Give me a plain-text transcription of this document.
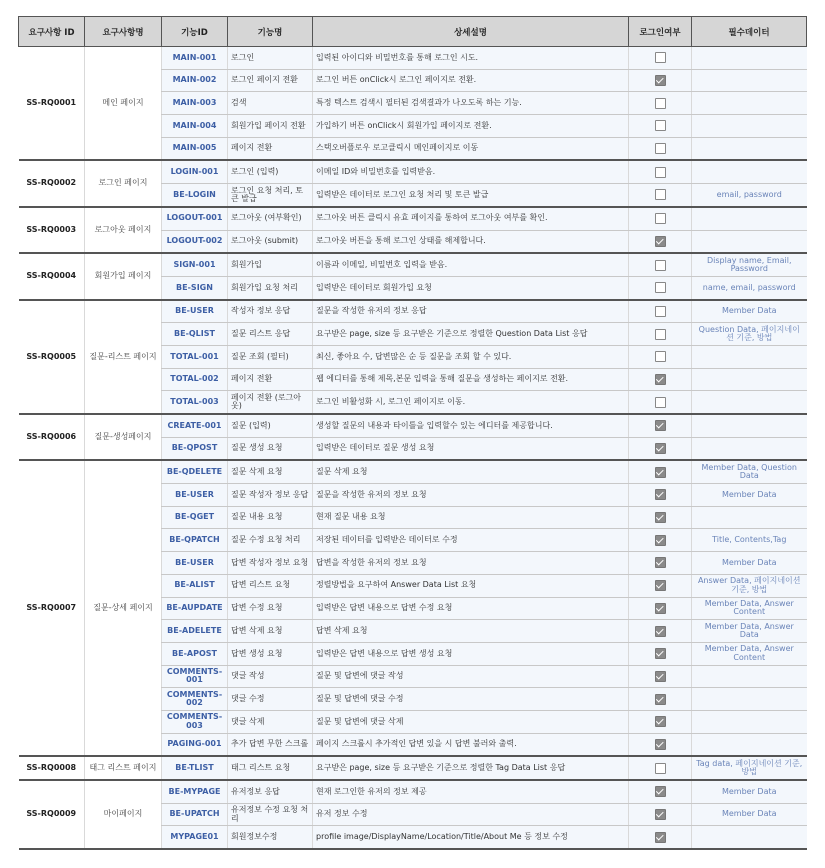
요구사항 ID	요구사항명	기능ID	기능명	상세설명	로그인여부	필수데이터
SS-RQ0001	메인 페이지	MAIN-001	로그인	입력된 아이디와 비밀번호를 통해 로그인 시도.		
		MAIN-002	로그인 페이지 전환	로그인 버튼 onClick시 로그인 페이지로 전환.		
		MAIN-003	검색	특정 텍스트 검색시 필터된 검색결과가 나오도록 하는 기능.		
		MAIN-004	회원가입 페이지 전환	가입하기 버튼 onClick시 회원가입 페이지로 전환.		
		MAIN-005	페이지 전환	스택오버플로우 로고클릭시 메인페이지로 이동		
SS-RQ0002	로그인 페이지	LOGIN-001	로그인 (입력)	이메일 ID와 비밀번호를 입력받음.		
		BE-LOGIN	로그인 요청 처리, 토큰 발급	입력받은 데이터로 로그인 요청 처리 및 토큰 발급		email, password
SS-RQ0003	로그아웃 페이지	LOGOUT-001	로그아웃 (여부확인)	로그아웃 버튼 클릭시 유효 페이지를 통하여 로그아웃 여부를 확인.		
		LOGOUT-002	로그아웃 (submit)	로그아웃 버튼을 통해 로그인 상태를 해제합니다.		
SS-RQ0004	회원가입 페이지	SIGN-001	회원가입	이름과 이메일, 비밀번호 입력을 받음.		Display name, Email, Password
		BE-SIGN	회원가입 요청 처리	입력받은 데이터로 회원가입 요청		name, email, password
SS-RQ0005	질문-리스트 페이지	BE-USER	작성자 정보 응답	질문을 작성한 유저의 정보 응답		Member Data
		BE-QLIST	질문 리스트 응답	요구받은 page, size 등 요구받은 기준으로 정렬한 Question Data List 응답		Question Data, 페이지네이션 기준, 방법
		TOTAL-001	질문 조회 (필터)	최신, 좋아요 수, 답변많은 순 등 질문을 조회 할 수 있다.		
		TOTAL-002	페이지 전환	웹 에디터를 통해 제목,본문 입력을 통해 질문을 생성하는 페이지로 전환.		
		TOTAL-003	페이지 전환 (로그아웃)	로그인 비활성화 시, 로그인 페이지로 이동.		
SS-RQ0006	질문-생성페이지	CREATE-001	질문 (입력)	생성할 질문의 내용과 타이틀을 입력할수 있는 에디터를 제공합니다.		
		BE-QPOST	질문 생성 요청	입력받은 데이터로 질문 생성 요청		
SS-RQ0007	질문-상세 페이지	BE-QDELETE	질문 삭제 요청	질문 삭제 요청		Member Data, Question Data
		BE-USER	질문 작성자 정보 응답	질문을 작성한 유저의 정보 요청		Member Data
		BE-QGET	질문 내용 요청	현재 질문 내용 요청		
		BE-QPATCH	질문 수정 요청 처리	저장된 데이터를 입력받은 데이터로 수정		Title, Contents,Tag
		BE-USER	답변 작성자 정보 요청	답변을 작성한 유저의 정보 요청		Member Data
		BE-ALIST	답변 리스트 요청	정렬방법을 요구하여 Answer Data List 요청		Answer Data, 페이지네이션 기준, 방법
		BE-AUPDATE	답변 수정 요청	입력받은 답변 내용으로 답변 수정 요청		Member Data, Answer Content
		BE-ADELETE	답변 삭제 요청	답변 삭제 요청		Member Data, Answer Data
		BE-APOST	답변 생성 요청	입력받은 답변 내용으로 답변 생성 요청		Member Data, Answer Content
		COMMENTS-001	댓글 작성	질문 및 답변에 댓글 작성		
		COMMENTS-002	댓글 수정	질문 및 답변에 댓글 수정		
		COMMENTS-003	댓글 삭제	질문 및 답변에 댓글 삭제		
		PAGING-001	추가 답변 무한 스크롤	페이지 스크롤시 추가적인 답변 있을 시 답변 불러와 출력.		
SS-RQ0008	태그 리스트 페이지	BE-TLIST	태그 리스트 요청	요구받은 page, size 등 요구받은 기준으로 정렬한 Tag Data List 응답		Tag data, 페이지네이션 기준, 방법
SS-RQ0009	마이페이지	BE-MYPAGE	유저정보 응답	현재 로그인한 유저의 정보 제공		Member Data
		BE-UPATCH	유저정보 수정 요청 처리	유저 정보 수정		Member Data
		MYPAGE01	회원정보수정	profile image/DisplayName/Location/Title/About Me 등 정보 수정		
